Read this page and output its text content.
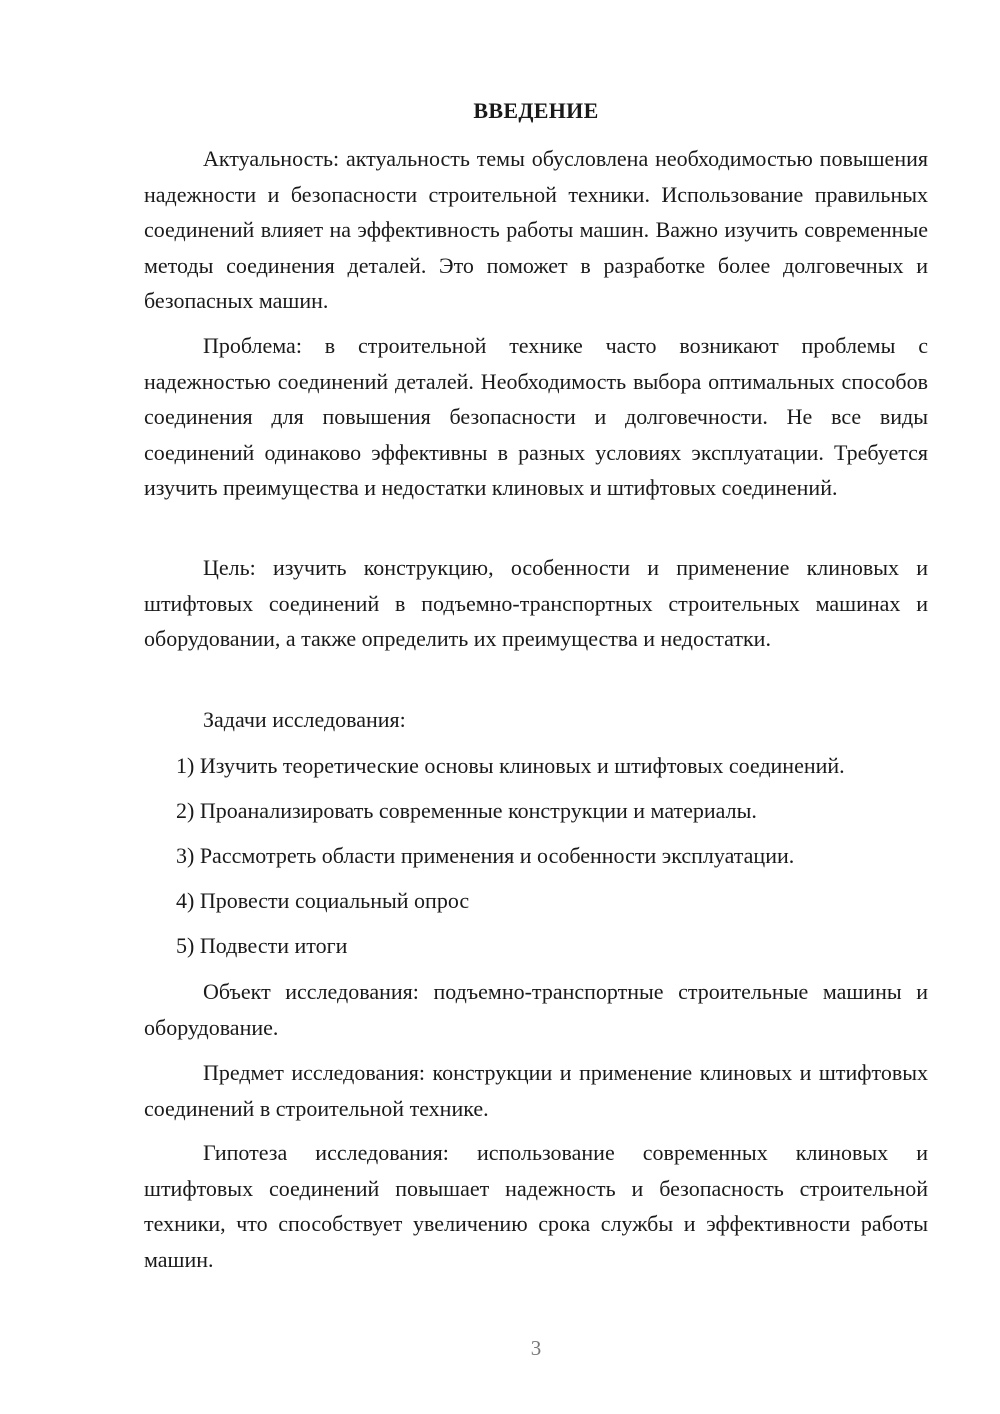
ВВЕДЕНИЕ

Актуальность: актуальность темы обусловлена необходимостью повышения надежности и безопасности строительной техники. Использование правильных соединений влияет на эффективность работы машин. Важно изучить современные методы соединения деталей. Это поможет в разработке более долговечных и безопасных машин.

Проблема: в строительной технике часто возникают проблемы с надежностью соединений деталей. Необходимость выбора оптимальных способов соединения для повышения безопасности и долговечности. Не все виды соединений одинаково эффективны в разных условиях эксплуатации. Требуется изучить преимущества и недостатки клиновых и штифтовых соединений.

Цель: изучить конструкцию, особенности и применение клиновых и штифтовых соединений в подъемно-транспортных строительных машинах и оборудовании, а также определить их преимущества и недостатки.

Задачи исследования:

1) Изучить теоретические основы клиновых и штифтовых соединений.

2) Проанализировать современные конструкции и материалы.

3) Рассмотреть области применения и особенности эксплуатации.

4) Провести социальный опрос

5) Подвести итоги

Объект исследования: подъемно-транспортные строительные машины и оборудование.

Предмет исследования: конструкции и применение клиновых и штифтовых соединений в строительной технике.

Гипотеза исследования: использование современных клиновых и штифтовых соединений повышает надежность и безопасность строительной техники, что способствует увеличению срока службы и эффективности работы машин.

3
